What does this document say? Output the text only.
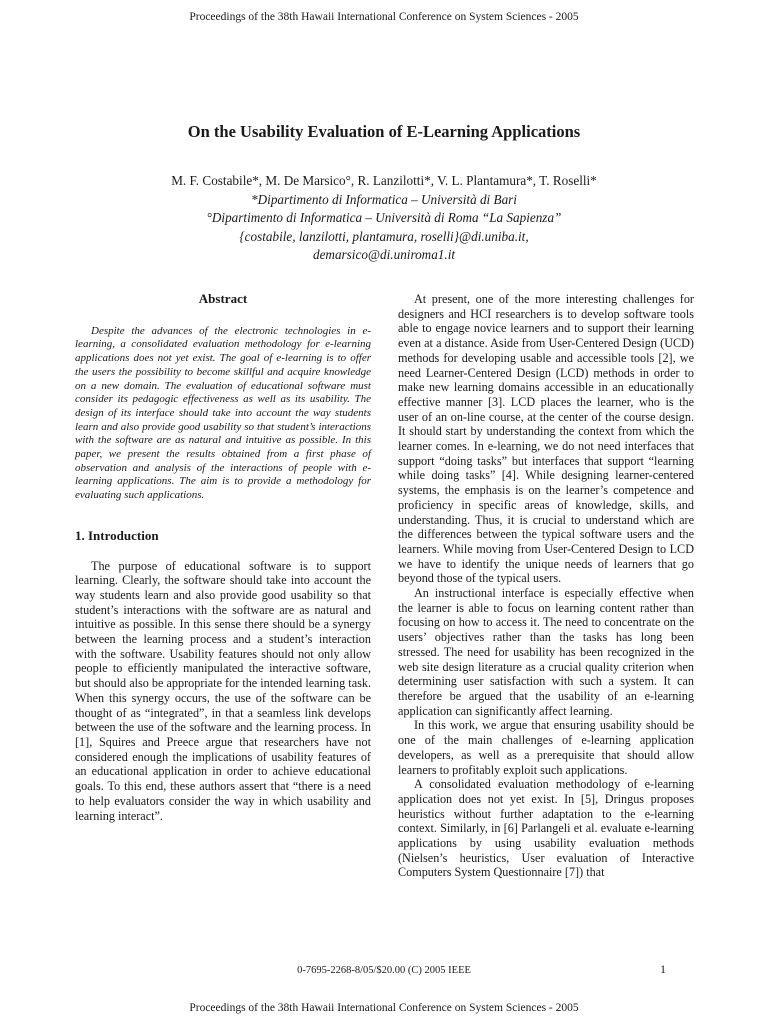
Proceedings of the 38th Hawaii International Conference on System Sciences - 2005
On the Usability Evaluation of E-Learning Applications
M. F. Costabile*, M. De Marsico°, R. Lanzilotti*, V. L. Plantamura*, T. Roselli*
*Dipartimento di Informatica – Università di Bari
°Dipartimento di Informatica – Università di Roma “La Sapienza”
{costabile, lanzilotti, plantamura, roselli}@di.uniba.it,
demarsico@di.uniroma1.it
Abstract

Despite the advances of the electronic technologies in e-learning, a consolidated evaluation methodology for e-learning applications does not yet exist. The goal of e-learning is to offer the users the possibility to become skillful and acquire knowledge on a new domain. The evaluation of educational software must consider its pedagogic effectiveness as well as its usability. The design of its interface should take into account the way students learn and also provide good usability so that student’s interactions with the software are as natural and intuitive as possible. In this paper, we present the results obtained from a first phase of observation and analysis of the interactions of people with e-learning applications. The aim is to provide a methodology for evaluating such applications.

1. Introduction

The purpose of educational software is to support learning. Clearly, the software should take into account the way students learn and also provide good usability so that student’s interactions with the software are as natural and intuitive as possible. In this sense there should be a synergy between the learning process and a student’s interaction with the software. Usability features should not only allow people to efficiently manipulated the interactive software, but should also be appropriate for the intended learning task. When this synergy occurs, the use of the software can be thought of as “integrated”, in that a seamless link develops between the use of the software and the learning process. In [1], Squires and Preece argue that researchers have not considered enough the implications of usability features of an educational application in order to achieve educational goals. To this end, these authors assert that “there is a need to help evaluators consider the way in which usability and learning interact”.

At present, one of the more interesting challenges for designers and HCI researchers is to develop software tools able to engage novice learners and to support their learning even at a distance. Aside from User-Centered Design (UCD) methods for developing usable and accessible tools [2], we need Learner-Centered Design (LCD) methods in order to make new learning domains accessible in an educationally effective manner [3]. LCD places the learner, who is the user of an on-line course, at the center of the course design. It should start by understanding the context from which the learner comes. In e-learning, we do not need interfaces that support “doing tasks” but interfaces that support “learning while doing tasks” [4]. While designing learner-centered systems, the emphasis is on the learner’s competence and proficiency in specific areas of knowledge, skills, and understanding. Thus, it is crucial to understand which are the differences between the typical software users and the learners. While moving from User-Centered Design to LCD we have to identify the unique needs of learners that go beyond those of the typical users.

An instructional interface is especially effective when the learner is able to focus on learning content rather than focusing on how to access it. The need to concentrate on the users’ objectives rather than the tasks has long been stressed. The need for usability has been recognized in the web site design literature as a crucial quality criterion when determining user satisfaction with such a system. It can therefore be argued that the usability of an e-learning application can significantly affect learning.

In this work, we argue that ensuring usability should be one of the main challenges of e-learning application developers, as well as a prerequisite that should allow learners to profitably exploit such applications.

A consolidated evaluation methodology of e-learning application does not yet exist. In [5], Dringus proposes heuristics without further adaptation to the e-learning context. Similarly, in [6] Parlangeli et al. evaluate e-learning applications by using usability evaluation methods (Nielsen’s heuristics, User evaluation of Interactive Computers System Questionnaire [7]) that

0-7695-2268-8/05/$20.00 (C) 2005 IEEE	1
Proceedings of the 38th Hawaii International Conference on System Sciences - 2005
